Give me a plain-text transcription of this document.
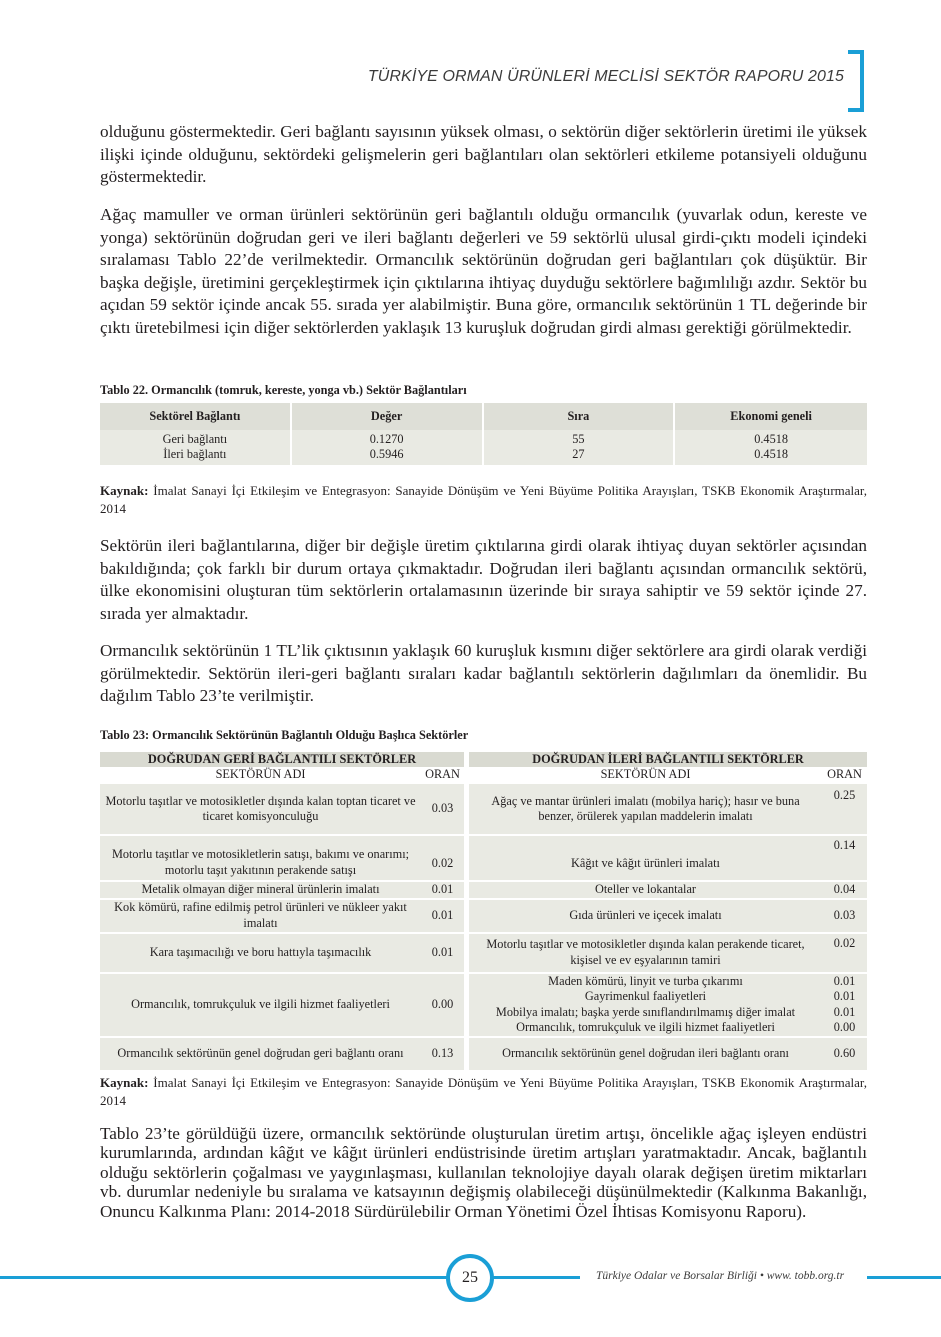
TÜRKİYE ORMAN ÜRÜNLERİ MECLİSİ SEKTÖR RAPORU 2015

olduğunu göstermektedir. Geri bağlantı sayısının yüksek olması, o sektörün diğer sektörlerin üretimi ile yüksek ilişki içinde olduğunu, sektördeki gelişmelerin geri bağlantıları olan sektörleri etkileme potansiyeli olduğunu göstermektedir.

Ağaç mamuller ve orman ürünleri sektörünün geri bağlantılı olduğu ormancılık (yuvarlak odun, kereste ve yonga) sektörünün doğrudan geri ve ileri bağlantı değerleri ve 59 sektörlü ulusal girdi-çıktı modeli içindeki sıralaması Tablo 22’de verilmektedir. Ormancılık sektörünün doğrudan geri bağlantıları çok düşüktür. Bir başka değişle, üretimini gerçekleştirmek için çıktılarına ihtiyaç duyduğu sektörlere bağımlılığı azdır. Sektör bu açıdan 59 sektör içinde ancak 55. sırada yer alabilmiştir. Buna göre, ormancılık sektörünün 1 TL değerinde bir çıktı üretebilmesi için diğer sektörlerden yaklaşık 13 kuruşluk doğrudan girdi alması gerektiği görülmektedir.

Tablo 22. Ormancılık (tomruk, kereste, yonga vb.) Sektör Bağlantıları
Sektörel Bağlantı	Değer	Sıra	Ekonomi geneli
Geri bağlantı	0.1270	55	0.4518
İleri bağlantı	0.5946	27	0.4518

Kaynak: İmalat Sanayi İçi Etkileşim ve Entegrasyon: Sanayide Dönüşüm ve Yeni Büyüme Politika Arayışları, TSKB Ekonomik Araştırmalar, 2014

Sektörün ileri bağlantılarına, diğer bir değişle üretim çıktılarına girdi olarak ihtiyaç duyan sektörler açısından bakıldığında; çok farklı bir durum ortaya çıkmaktadır. Doğrudan ileri bağlantı açısından ormancılık sektörü, ülke ekonomisini oluşturan tüm sektörlerin ortalamasının üzerinde bir sıraya sahiptir ve 59 sektör içinde 27. sırada yer almaktadır.

Ormancılık sektörünün 1 TL’lik çıktısının yaklaşık 60 kuruşluk kısmını diğer sektörlere ara girdi olarak verdiği görülmektedir. Sektörün ileri-geri bağlantı sıraları kadar bağlantılı sektörlerin dağılımları da önemlidir. Bu dağılım Tablo 23’te verilmiştir.

Tablo 23: Ormancılık Sektörünün Bağlantılı Olduğu Başlıca Sektörler
DOĞRUDAN GERİ BAĞLANTILI SEKTÖRLER		DOĞRUDAN İLERİ BAĞLANTILI SEKTÖRLER	
SEKTÖRÜN ADI	ORAN	SEKTÖRÜN ADI	ORAN
Motorlu taşıtlar ve motosikletler dışında kalan toptan ticaret ve ticaret komisyonculuğu	0.03	Ağaç ve mantar ürünleri imalatı (mobilya hariç); hasır ve buna benzer, örülerek yapılan maddelerin imalatı	0.25
Motorlu taşıtlar ve motosikletlerin satışı, bakımı ve onarımı; motorlu taşıt yakıtının perakende satışı	0.02	Kâğıt ve kâğıt ürünleri imalatı	0.14
Metalik olmayan diğer mineral ürünlerin imalatı	0.01	Oteller ve lokantalar	0.04
Kok kömürü, rafine edilmiş petrol ürünleri ve nükleer yakıt imalatı	0.01	Gıda ürünleri ve içecek imalatı	0.03
Kara taşımacılığı ve boru hattıyla taşımacılık	0.01	Motorlu taşıtlar ve motosikletler dışında kalan perakende ticaret, kişisel ve ev eşyalarının tamiri	0.02
Ormancılık, tomrukçuluk ve ilgili hizmet faaliyetleri	0.00	Maden kömürü, linyit ve turba çıkarımı	0.01
		Gayrimenkul faaliyetleri	0.01
		Mobilya imalatı; başka yerde sınıflandırılmamış diğer imalat	0.01
		Ormancılık, tomrukçuluk ve ilgili hizmet faaliyetleri	0.00
Ormancılık sektörünün genel doğrudan geri bağlantı oranı	0.13	Ormancılık sektörünün genel doğrudan ileri bağlantı oranı	0.60

Kaynak: İmalat Sanayi İçi Etkileşim ve Entegrasyon: Sanayide Dönüşüm ve Yeni Büyüme Politika Arayışları, TSKB Ekonomik Araştırmalar, 2014

Tablo 23’te görüldüğü üzere, ormancılık sektöründe oluşturulan üretim artışı, öncelikle ağaç işleyen endüstri kurumlarında, ardından kâğıt ve kâğıt ürünleri endüstrisinde üretim artışları yaratmaktadır. Ancak, bağlantılı olduğu sektörlerin çoğalması ve yaygınlaşması, kullanılan teknolojiye dayalı olarak değişen üretim miktarları vb. durumlar nedeniyle bu sıralama ve katsayının değişmiş olabileceği düşünülmektedir (Kalkınma Bakanlığı, Onuncu Kalkınma Planı: 2014-2018 Sürdürülebilir Orman Yönetimi Özel İhtisas Komisyonu Raporu).

25	Türkiye Odalar ve Borsalar Birliği • www. tobb.org.tr
